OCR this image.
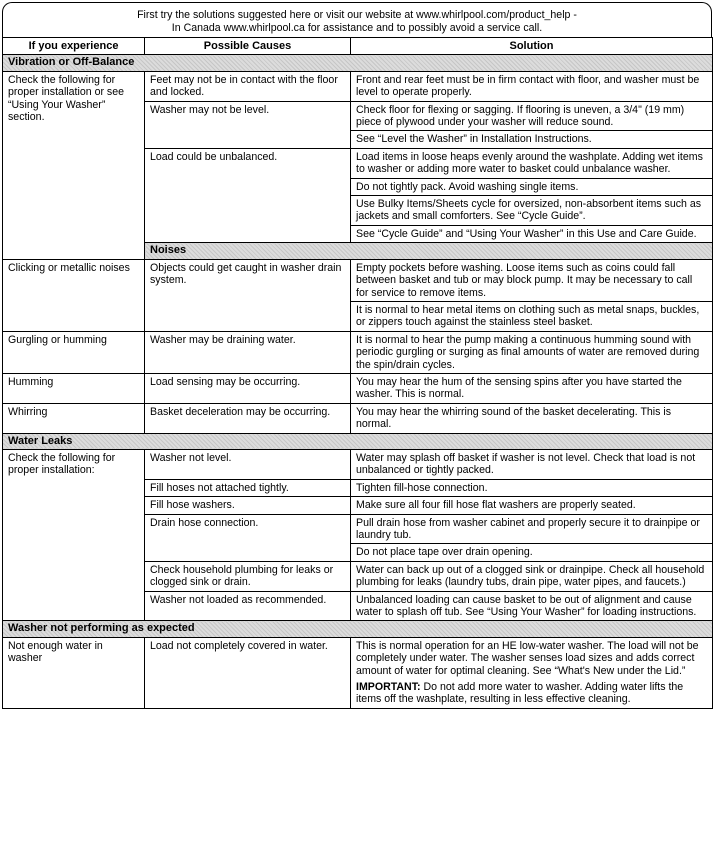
First try the solutions suggested here or visit our website at www.whirlpool.com/product_help -
In Canada www.whirlpool.ca for assistance and to possibly avoid a service call.
If you experience	Possible Causes	Solution
Vibration or Off-Balance		
Check the following for proper installation or see “Using Your Washer” section.	Feet may not be in contact with the floor and locked.	Front and rear feet must be in firm contact with floor, and washer must be level to operate properly.
	Washer may not be level.	Check floor for flexing or sagging. If flooring is uneven, a 3/4" (19 mm) piece of plywood under your washer will reduce sound.
		See “Level the Washer” in Installation Instructions.
	Load could be unbalanced.	Load items in loose heaps evenly around the washplate. Adding wet items to washer or adding more water to basket could unbalance washer.
		Do not tightly pack. Avoid washing single items.
		Use Bulky Items/Sheets cycle for oversized, non-absorbent items such as jackets and small comforters. See “Cycle Guide”.
		See “Cycle Guide” and “Using Your Washer” in this Use and Care Guide.
	Noises	
Clicking or metallic noises	Objects could get caught in washer drain system.	Empty pockets before washing. Loose items such as coins could fall between basket and tub or may block pump. It may be necessary to call for service to remove items.
		It is normal to hear metal items on clothing such as metal snaps, buckles, or zippers touch against the stainless steel basket.
Gurgling or humming	Washer may be draining water.	It is normal to hear the pump making a continuous humming sound with periodic gurgling or surging as final amounts of water are removed during the spin/drain cycles.
Humming	Load sensing may be occurring.	You may hear the hum of the sensing spins after you have started the washer. This is normal.
Whirring	Basket deceleration may be occurring.	You may hear the whirring sound of the basket decelerating. This is normal.
Water Leaks		
Check the following for proper installation:	Washer not level.	Water may splash off basket if washer is not level. Check that load is not unbalanced or tightly packed.
	Fill hoses not attached tightly.	Tighten fill-hose connection.
	Fill hose washers.	Make sure all four fill hose flat washers are properly seated.
	Drain hose connection.	Pull drain hose from washer cabinet and properly secure it to drainpipe or laundry tub.
		Do not place tape over drain opening.
	Check household plumbing for leaks or clogged sink or drain.	Water can back up out of a clogged sink or drainpipe. Check all household plumbing for leaks (laundry tubs, drain pipe, water pipes, and faucets.)
	Washer not loaded as recommended.	Unbalanced loading can cause basket to be out of alignment and cause water to splash off tub. See “Using Your Washer” for loading instructions.
Washer not performing as expected		
Not enough water in washer	Load not completely covered in water.	This is normal operation for an HE low-water washer. The load will not be completely under water. The washer senses load sizes and adds correct amount of water for optimal cleaning. See “What's New under the Lid.”
IMPORTANT: Do not add more water to washer. Adding water lifts the items off the washplate, resulting in less effective cleaning.
